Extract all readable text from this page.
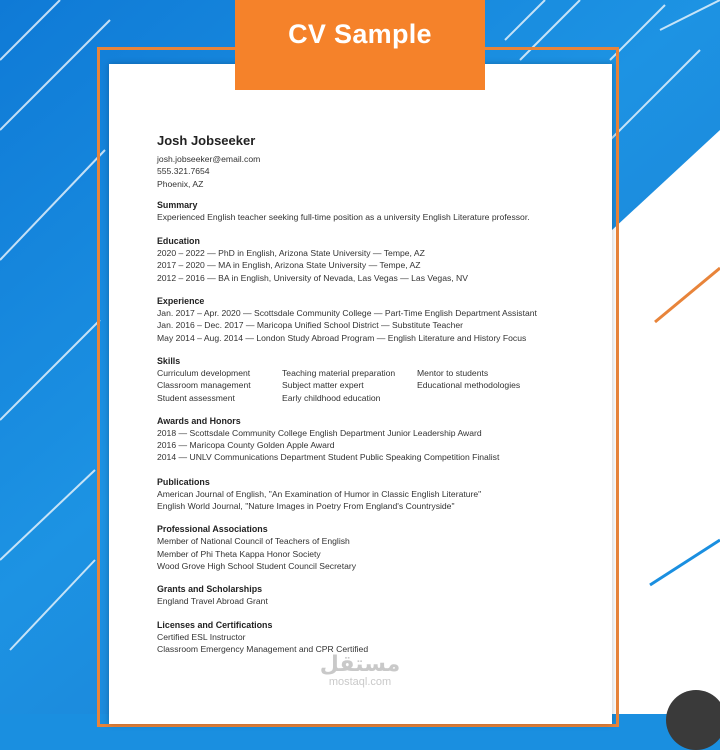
CV Sample
Josh Jobseeker
josh.jobseeker@email.com
555.321.7654
Phoenix, AZ
Summary
Experienced English teacher seeking full-time position as a university English Literature professor.
Education
2020 – 2022 — PhD in English, Arizona State University — Tempe, AZ
2017 – 2020 — MA in English, Arizona State University — Tempe, AZ
2012 – 2016 — BA in English, University of Nevada, Las Vegas — Las Vegas, NV
Experience
Jan. 2017 – Apr. 2020 — Scottsdale Community College — Part-Time English Department Assistant
Jan. 2016 – Dec. 2017 — Maricopa Unified School District — Substitute Teacher
May 2014 – Aug. 2014 — London Study Abroad Program — English Literature and History Focus
Skills
Curriculum development	Teaching material preparation	Mentor to students
Classroom management	Subject matter expert	Educational methodologies
Student assessment	Early childhood education
Awards and Honors
2018 — Scottsdale Community College English Department Junior Leadership Award
2016 — Maricopa County Golden Apple Award
2014 — UNLV Communications Department Student Public Speaking Competition Finalist
Publications
American Journal of English, "An Examination of Humor in Classic English Literature"
English World Journal, "Nature Images in Poetry From England's Countryside"
Professional Associations
Member of National Council of Teachers of English
Member of Phi Theta Kappa Honor Society
Wood Grove High School Student Council Secretary
Grants and Scholarships
England Travel Abroad Grant
Licenses and Certifications
Certified ESL Instructor
Classroom Emergency Management and CPR Certified
مستقل
mostaql.com
